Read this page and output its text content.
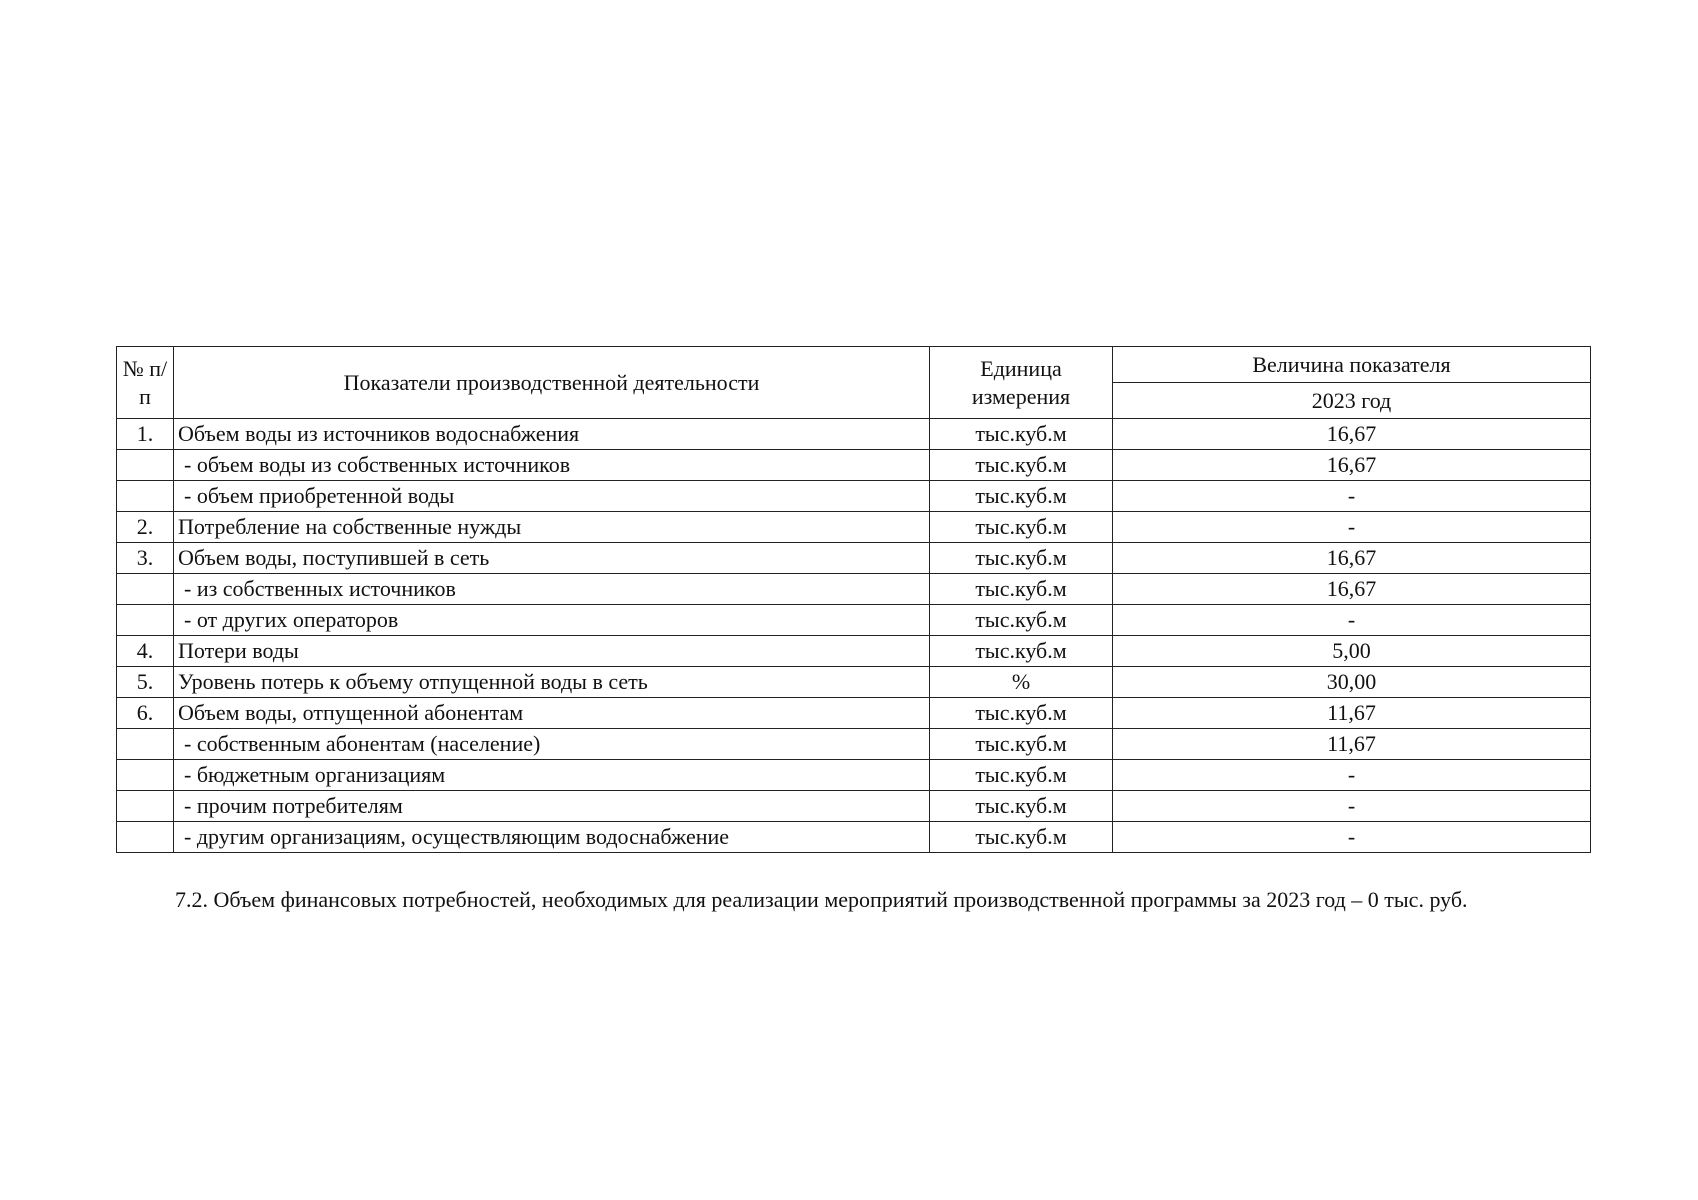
№ п/п	Показатели производственной деятельности	Единица измерения	Величина показателя
			2023 год
1.	Объем воды из источников водоснабжения	тыс.куб.м	16,67
	- объем воды из собственных источников	тыс.куб.м	16,67
	- объем приобретенной воды	тыс.куб.м	-
2.	Потребление на собственные нужды	тыс.куб.м	-
3.	Объем воды, поступившей в сеть	тыс.куб.м	16,67
	- из собственных источников	тыс.куб.м	16,67
	- от других операторов	тыс.куб.м	-
4.	Потери воды	тыс.куб.м	5,00
5.	Уровень потерь к объему отпущенной воды в сеть	%	30,00
6.	Объем воды, отпущенной абонентам	тыс.куб.м	11,67
	- собственным абонентам (население)	тыс.куб.м	11,67
	- бюджетным организациям	тыс.куб.м	-
	- прочим потребителям	тыс.куб.м	-
	- другим организациям, осуществляющим водоснабжение	тыс.куб.м	-
7.2. Объем финансовых потребностей, необходимых для реализации мероприятий производственной программы за 2023 год – 0 тыс. руб.
